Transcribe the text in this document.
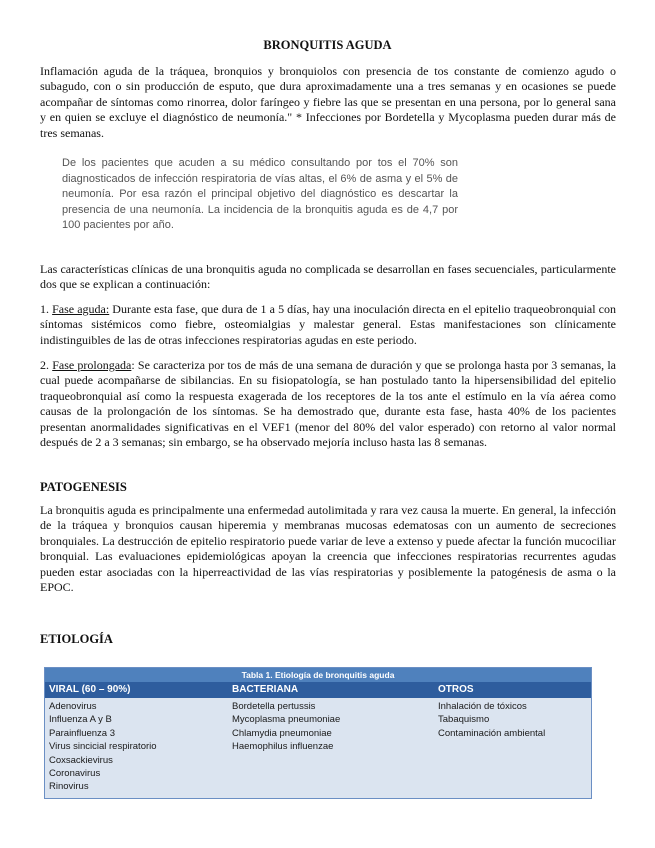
BRONQUITIS AGUDA

Inflamación aguda de la tráquea, bronquios y bronquiolos con presencia de tos constante de comienzo agudo o subagudo, con o sin producción de esputo, que dura aproximadamente una a tres semanas y en ocasiones se puede acompañar de síntomas como rinorrea, dolor faríngeo y fiebre las que se presentan en una persona, por lo general sana y en quien se excluye el diagnóstico de neumonía." * Infecciones por Bordetella y Mycoplasma pueden durar más de tres semanas.

De los pacientes que acuden a su médico consultando por tos el 70% son diagnosticados de infección respiratoria de vías altas, el 6% de asma y el 5% de neumonía. Por esa razón el principal objetivo del diagnóstico es descartar la presencia de una neumonía. La incidencia de la bronquitis aguda es de 4,7 por 100 pacientes por año.

Las características clínicas de una bronquitis aguda no complicada se desarrollan en fases secuenciales, particularmente dos que se explican a continuación:

1. Fase aguda: Durante esta fase, que dura de 1 a 5 días, hay una inoculación directa en el epitelio traqueobronquial con síntomas sistémicos como fiebre, osteomialgias y malestar general. Estas manifestaciones son clínicamente indistinguibles de las de otras infecciones respiratorias agudas en este periodo.

2. Fase prolongada: Se caracteriza por tos de más de una semana de duración y que se prolonga hasta por 3 semanas, la cual puede acompañarse de sibilancias. En su fisiopatología, se han postulado tanto la hipersensibilidad del epitelio traqueobronquial así como la respuesta exagerada de los receptores de la tos ante el estímulo en la vía aérea como causas de la prolongación de los síntomas. Se ha demostrado que, durante esta fase, hasta 40% de los pacientes presentan anormalidades significativas en el VEF1 (menor del 80% del valor esperado) con retorno al valor normal después de 2 a 3 semanas; sin embargo, se ha observado mejoría incluso hasta las 8 semanas.

PATOGENESIS

La bronquitis aguda es principalmente una enfermedad autolimitada y rara vez causa la muerte. En general, la infección de la tráquea y bronquios causan hiperemia y membranas mucosas edematosas con un aumento de secreciones bronquiales. La destrucción de epitelio respiratorio puede variar de leve a extenso y puede afectar la función mucociliar bronquial. Las evaluaciones epidemiológicas apoyan la creencia que infecciones respiratorias recurrentes agudas pueden estar asociadas con la hiperreactividad de las vías respiratorias y posiblemente la patogénesis de asma o la EPOC.

ETIOLOGÍA
Tabla 1. Etiología de bronquitis aguda
VIRAL (60 – 90%)	BACTERIANA	OTROS
Adenovirus
Influenza A y B
Parainfluenza 3
Virus sincicial respiratorio
Coxsackievirus
Coronavirus
Rinovirus
Bordetella pertussis
Mycoplasma pneumoniae
Chlamydia pneumoniae
Haemophilus influenzae
Inhalación de tóxicos
Tabaquismo
Contaminación ambiental
